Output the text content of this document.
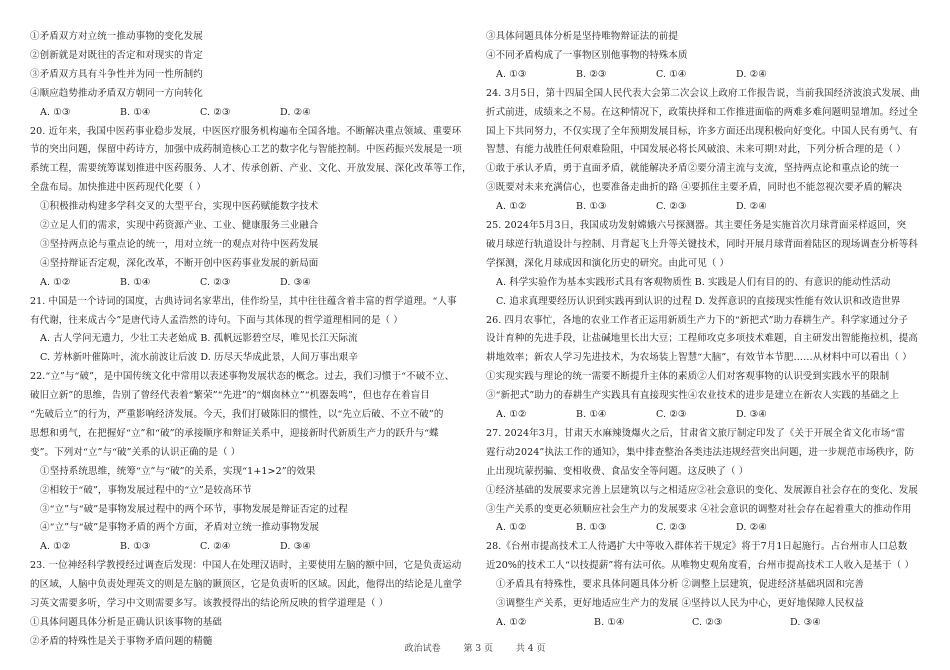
①矛盾双方对立统一推动事物的变化发展
②创新就是对既往的否定和对现实的肯定
③矛盾双方具有斗争性并为同一性所制约
④顺应趋势推动矛盾双方朝同一方向转化
A. ①③	B. ①④	C. ②③	D. ②④
20. 近年来，我国中医药事业稳步发展，中医医疗服务机构遍布全国各地。不断解决重点领域、重要环
节的突出问题，保留中药诗方，加强中成药制造核心工艺的数字化与智能控制。中医药振兴发展是一项
系统工程，需要统筹谋划推进中医药服务、人才、传承创新、产业、文化、开放发展、深化改革等工作，
全盘布局。加快推进中医药现代化要（ ）
①积极推动构建多学科交叉的大型平台，实现中医药赋能数字技术
②立足人们的需求，实现中药资源产业、工业、健康服务三业融合
③坚持两点论与重点论的统一，用对立统一的观点对待中医药发展
④坚持辩证否定观，深化改革，不断开创中医药事业发展的新局面
A. ①②	B. ①④	C. ②③	D. ③④
21. 中国是一个诗词的国度，古典诗词名家辈出，佳作纷呈，其中往往蕴含着丰富的哲学道理。“人事
有代谢，往来成古今”是唐代诗人孟浩然的诗句。下面与其体现的哲学道理相同的是（ ）
A. 古人学问无遗力，少壮工夫老始成 B. 孤帆远影碧空尽，唯见长江天际流
C. 芳林新叶催陈叶，流水前波让后波 D. 历尽天华成此景，人间万事出艰辛
22.“立”与“破”，是中国传统文化中常用以表述事物发展状态的概念。过去，我们习惯于“不破不立、
破旧立新”的思维，告别了曾经代表着“繁荣”“先进”的“烟囱林立”“机器轰鸣”，但也存在着盲目
“先破后立”的行为，严重影响经济发展。今天，我们打破陈旧的惯性，以“先立后破、不立不破”的
思想和勇气，在把握好“立”和“破”的承接顺序和辩证关系中，迎接新时代新质生产力的跃升与“蝶
变”。下列对“立”与“破”关系的认识正确的是（ ）
①坚持系统思维，统筹“立”与“破”的关系，实现“1+1>2”的效果
②相较于“破”，事物发展过程中的“立”是较高环节
③“立”与“破”是事物发展过程中的两个环节，事物发展是辩证否定的过程
④“立”与“破”是事物矛盾的两个方面，矛盾对立统一推动事物发展
A. ①②	B. ①③	C. ②④	D. ③④
23. 一位神经科学教授经过调查后发现：中国人在处理汉语时，主要使用左脑的额中回，它是负责运动
的区域，人脑中负责处理英文的则是左脑的颞顶区，它是负责听的区域。因此，他得出的结论是儿童学
习英文需要多听，学习中文则需要多写。该教授得出的结论所反映的哲学道理是（ ）
①具体问题具体分析是正确认识该事物的基础
②矛盾的特殊性是关于事物矛盾问题的精髓
③具体问题具体分析是坚持唯物辩证法的前提
④不同矛盾构成了一事物区别他事物的特殊本质
A. ①③	B. ②③	C. ①④	D. ②④
24. 3月5日，第十四届全国人民代表大会第二次会议上政府工作报告说，当前我国经济波浪式发展、曲
折式前进，成绩来之不易。在这种情况下，政策抉择和工作推进面临的两难多难问题明显增加。经过全
国上下共同努力，不仅实现了全年预期发展目标，许多方面还出现积极向好变化。中国人民有勇气、有
智慧、有能力战胜任何艰难险阻，中国发展必将长风破浪、未来可期!对此，下列分析合理的是（ ）
①敢于承认矛盾，勇于直面矛盾，就能解决矛盾②要分清主流与支流，坚持两点论和重点论的统一
③既要对未来充满信心，也要准备走曲折的路 ④要抓住主要矛盾，同时也不能忽视次要矛盾的解决
A. ①②	B. ①③	C. ②③	D. ②④
25. 2024年5月3日，我国成功发射嫦娥六号探测器。其主要任务是实施首次月球背面采样返回，突
破月球逆行轨道设计与控制、月背起飞上升等关键技术，同时开展月球背面着陆区的现场调查分析等科
学探测，深化月球成因和演化历史的研究。由此可见（ ）
A. 科学实验作为基本实践形式具有客观物质性 B. 实践是人们有目的的、有意识的能动性活动
C. 追求真理要经历认识到实践再到认识的过程 D. 发挥意识的直接现实性能有效认识和改造世界
26. 四月农事忙，各地的农业工作者正运用新质生产力下的“新把式”助力春耕生产。科学家通过分子
设计育种的先进手段，让盐碱地里长出大豆；工程师攻克多项技术难题，自主研发出智能拖拉机，提高
耕地效率；新农人学习先进技术，为农场装上智慧“大脑”，有效节本节肥……从材料中可以看出（ ）
①实现实践与理论的统一需要不断提升主体的素质②人们对客观事物的认识受到实践水平的限制
③“新把式”助力的春耕生产实践具有直接现实性④农业技术的进步是建立在新农人实践的基础之上
A. ①②	B. ①④	C. ②③	D. ③④
27. 2024年3月，甘肃天水麻辣烫爆火之后，甘肃省文旅厅制定印发了《关于开展全省文化市场“雷
霆行动2024”执法工作的通知》，集中排查整治各类违法违规经营突出问题，进一步规范市场秩序，防
止出现坑蒙拐骗、变相收费、食品安全等问题。这反映了（ ）
①经济基础的发展要求完善上层建筑以与之相适应②社会意识的变化、发展源自社会存在的变化、发展
③生产关系的变更必须顺应社会生产力的发展要求 ④社会意识的调整对社会存在起着重大的推动作用
A. ①②	B. ①③	C. ②③	D. ②④
28.《台州市提高技术工人待遇扩大中等收入群体若干规定》将于7月1日起施行。占台州市人口总数
近20%的技术工人“以技提薪”将有法可依。从唯物史观角度看，台州市提高技术工人收入是基于（ ）
①矛盾具有特殊性，要求具体问题具体分析 ②调整上层建筑，促进经济基础巩固和完善
③调整生产关系，更好地适应生产力的发展 ④坚持以人民为中心，更好地保障人民权益
A. ①②	B. ①④	C. ②③	D. ③④
政治试卷	第 3 页	共 4 页
